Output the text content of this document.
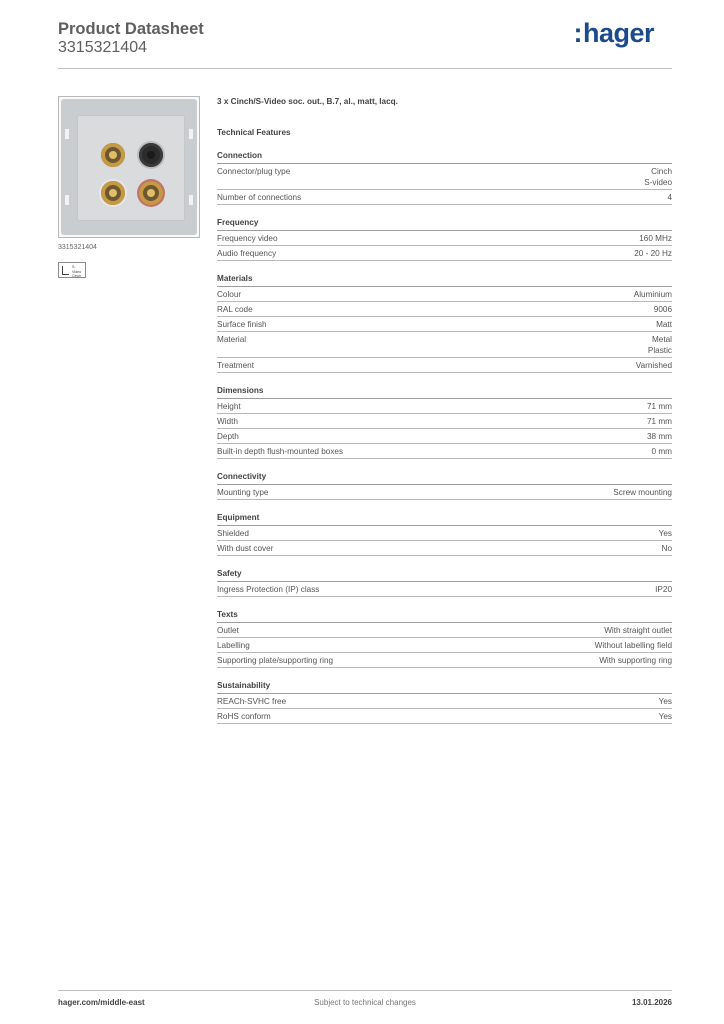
Product Datasheet
3315321404	:hager
3315321404
S-Video
Cinch
3 x Cinch/S-Video soc. out., B.7, al., matt, lacq.
Technical Features
Connection
Connector/plug type	Cinch
S-video
Number of connections	4
Frequency
Frequency video	160 MHz
Audio frequency	20 - 20 Hz
Materials
Colour	Aluminium
RAL code	9006
Surface finish	Matt
Material	Metal
Plastic
Treatment	Varnished
Dimensions
Height	71 mm
Width	71 mm
Depth	38 mm
Built-in depth flush-mounted boxes	0 mm
Connectivity
Mounting type	Screw mounting
Equipment
Shielded	Yes
With dust cover	No
Safety
Ingress Protection (IP) class	IP20
Texts
Outlet	With straight outlet
Labelling	Without labelling field
Supporting plate/supporting ring	With supporting ring
Sustainability
REACh-SVHC free	Yes
RoHS conform	Yes
hager.com/middle-east	Subject to technical changes	13.01.2026
